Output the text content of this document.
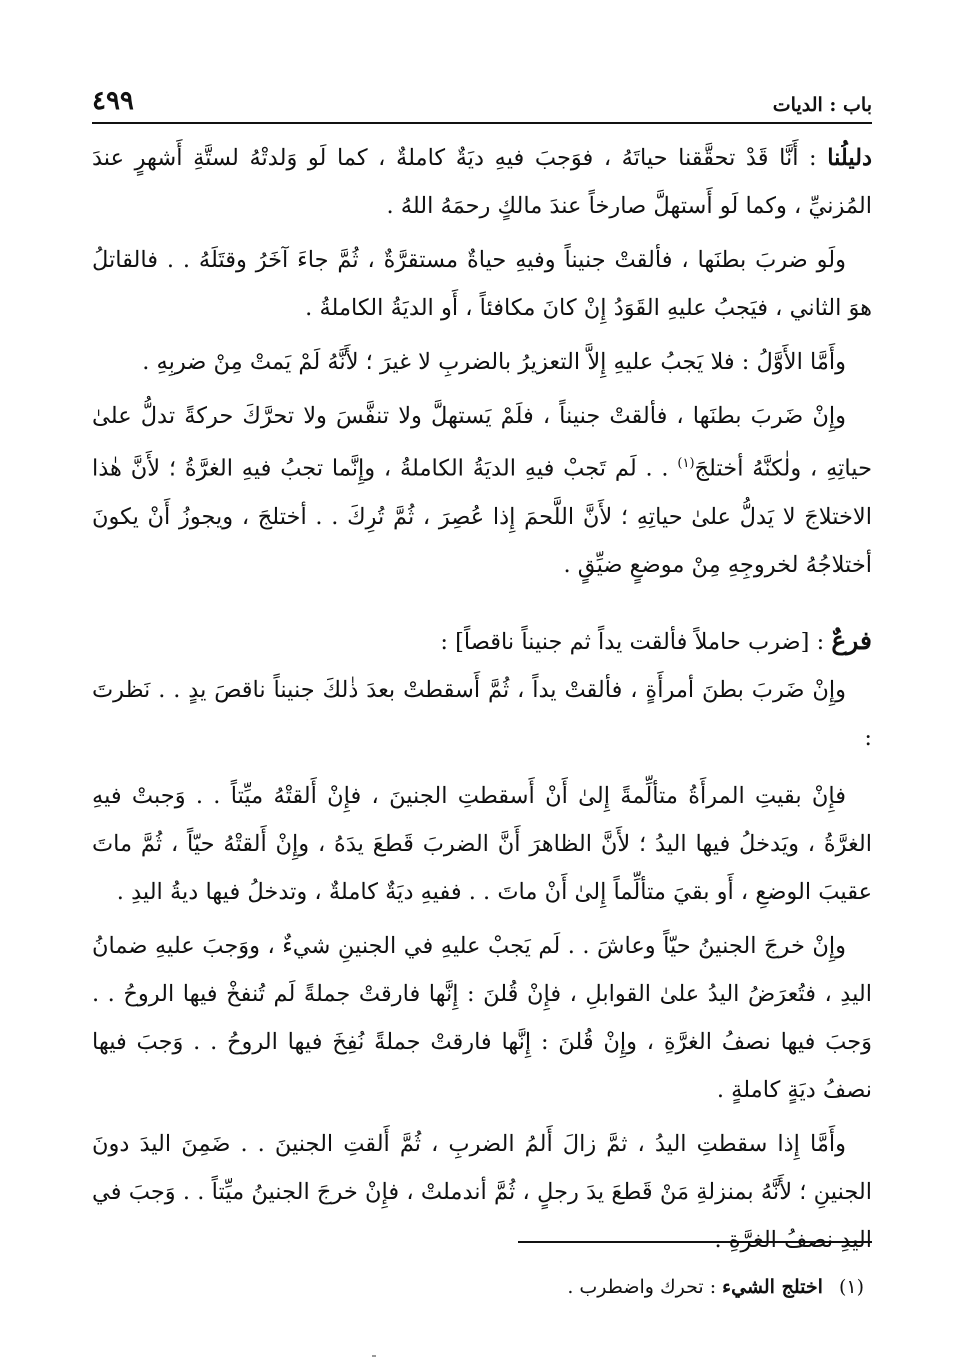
باب : الديات
٤٩٩

دليلُنا : أَنَّا قَدْ تحقَّقنا حياتَهُ ، فوَجبَ فيهِ ديَةٌ كاملةٌ ، كما لَو وَلدتْهُ لستَّةِ أَشهرٍ عندَ المُزنيِّ ، وكما لَو أَستهلَّ صارخاً عندَ مالكٍ رحمَهُ اللهُ .

ولَو ضربَ بطنَها ، فألقتْ جنيناً وفيهِ حياةٌ مستقرَّةٌ ، ثُمَّ جاءَ آخَرُ وقتَلَهُ . . فالقاتلُ هوَ الثاني ، فيَجبُ عليهِ القَوَدُ إِنْ كانَ مكافئاً ، أَو الديَةُ الكاملةُ .

وأَمَّا الأَوَّلُ : فلا يَجبُ عليهِ إِلاَّ التعزيرُ بالضربِ لا غيرَ ؛ لأَنَّهُ لَمْ يَمتْ مِنْ ضربِهِ .

وإِنْ ضَربَ بطنَها ، فألقتْ جنيناً ، فلَمْ يَستهلَّ ولا تنفَّسَ ولا تحرَّكَ حركةً تدلُّ علىٰ حياتِهِ ، ولٰكنَّهُ أختلجَ$^{(١)}$ . . لَم تَجبْ فيهِ الديَةُ الكاملةُ ، وإِنَّما تجبُ فيهِ الغرَّةُ ؛ لأَنَّ هٰذا الاختلاجَ لا يَدلُّ علىٰ حياتِهِ ؛ لأَنَّ اللَّحمَ إِذا عُصِرَ ، ثُمَّ تُرِكَ . . أختلجَ ، ويجوزُ أَنْ يكونَ أختلاجُهُ لخروجِهِ مِنْ موضعٍ ضيِّقٍ .

فرعٌ : [ضرب حاملاً فألقت يداً ثم جنيناً ناقصاً] :

وإِنْ ضَربَ بطنَ أمرأَةٍ ، فألقتْ يداً ، ثُمَّ أَسقطتْ بعدَ ذٰلكَ جنيناً ناقصَ يدٍ . . نَظرتَ :

فإِنْ بقيتِ المرأَةُ متألِّمةً إِلىٰ أَنْ أَسقطتِ الجنينَ ، فإِنْ أَلقتْهُ ميِّتاً . . وَجبتْ فيهِ الغرَّةُ ، ويَدخلُ فيها اليدُ ؛ لأَنَّ الظاهرَ أَنَّ الضربَ قَطعَ يدَهُ ، وإِنْ أَلقتْهُ حيّاً ، ثُمَّ ماتَ عقيبَ الوضعِ ، أَو بقيَ متألِّماً إِلىٰ أَنْ ماتَ . . ففيهِ ديَةٌ كاملةٌ ، وتدخلُ فيها ديةُ اليدِ .

وإِنْ خرجَ الجنينُ حيّاً وعاشَ . . لَم يَجبْ عليهِ في الجنينِ شيءٌ ، ووَجبَ عليهِ ضمانُ اليدِ ، فتُعرَضُ اليدُ علىٰ القوابلِ ، فإِنْ قُلنَ : إِنَّها فارقتْ جملةً لَم تُنفخْ فيها الروحُ . . وَجبَ فيها نصفُ الغرَّةِ ، وإِنْ قُلنَ : إِنَّها فارقتْ جملةً نُفِخَ فيها الروحُ . . وَجبَ فيها نصفُ ديَةٍ كاملةٍ .

وأَمَّا إِذا سقطتِ اليدُ ، ثمَّ زالَ أَلمُ الضربِ ، ثُمَّ أَلقتِ الجنينَ . . ضَمِنَ اليدَ دونَ الجنينِ ؛ لأَنَّهُ بمنزلةِ مَنْ قَطعَ يدَ رجلٍ ، ثُمَّ أندملتْ ، فإِنْ خرجَ الجنينُ ميِّتاً . . وَجبَ في اليدِ نصفُ الغرَّةِ .

(١) اختلج الشيء : تحرك واضطرب .
